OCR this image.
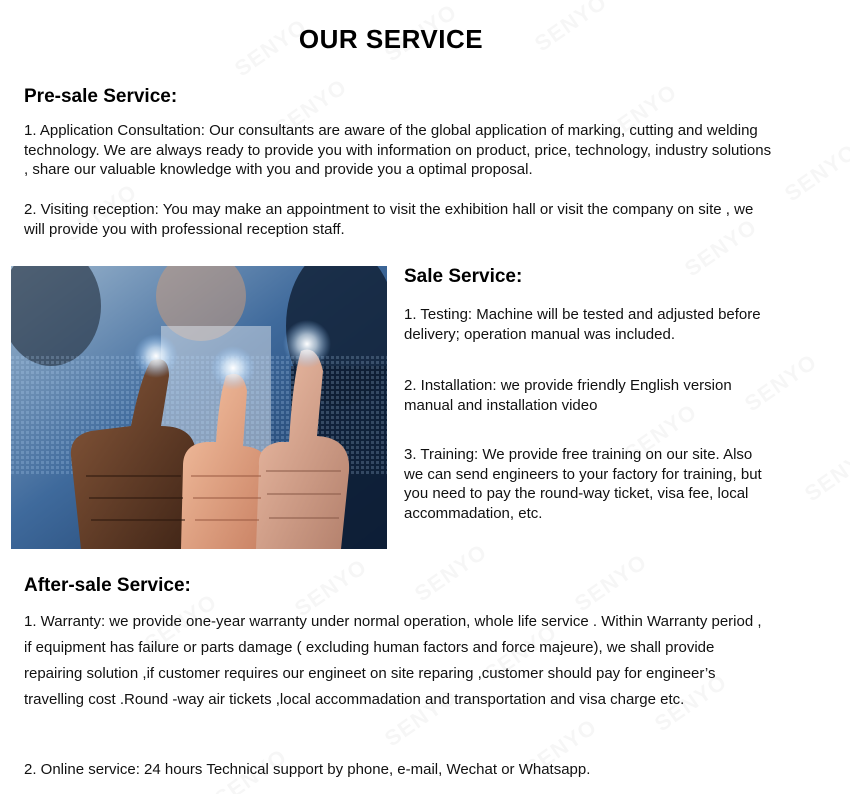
OUR SERVICE
Pre-sale Service:
1. Application Consultation: Our consultants are aware of the global application of marking, cutting and welding technology. We are always ready to provide you with information on product, price, technology, industry solutions , share our valuable knowledge with you and provide you a optimal proposal.
2. Visiting reception: You may make an appointment to visit the exhibition hall or visit the company on site , we will provide you with professional reception staff.
Sale Service:
1. Testing: Machine will be tested and adjusted before delivery; operation manual was included.
2. Installation: we provide friendly English version manual and installation video
3. Training: We provide free training on our site. Also we can send engineers to your factory for training, but you need to pay the round-way ticket, visa fee, local accommadation, etc.
After-sale Service:
1. Warranty: we provide one-year warranty under normal operation, whole life service . Within Warranty period , if equipment has failure or parts damage ( excluding human factors and force majeure), we shall provide repairing solution ,if customer requires our engineet on site reparing ,customer should pay for engineer’s travelling cost .Round -way air tickets ,local accommadation and transportation and visa charge etc.
2. Online service: 24 hours Technical support by phone, e-mail, Wechat or Whatsapp.
